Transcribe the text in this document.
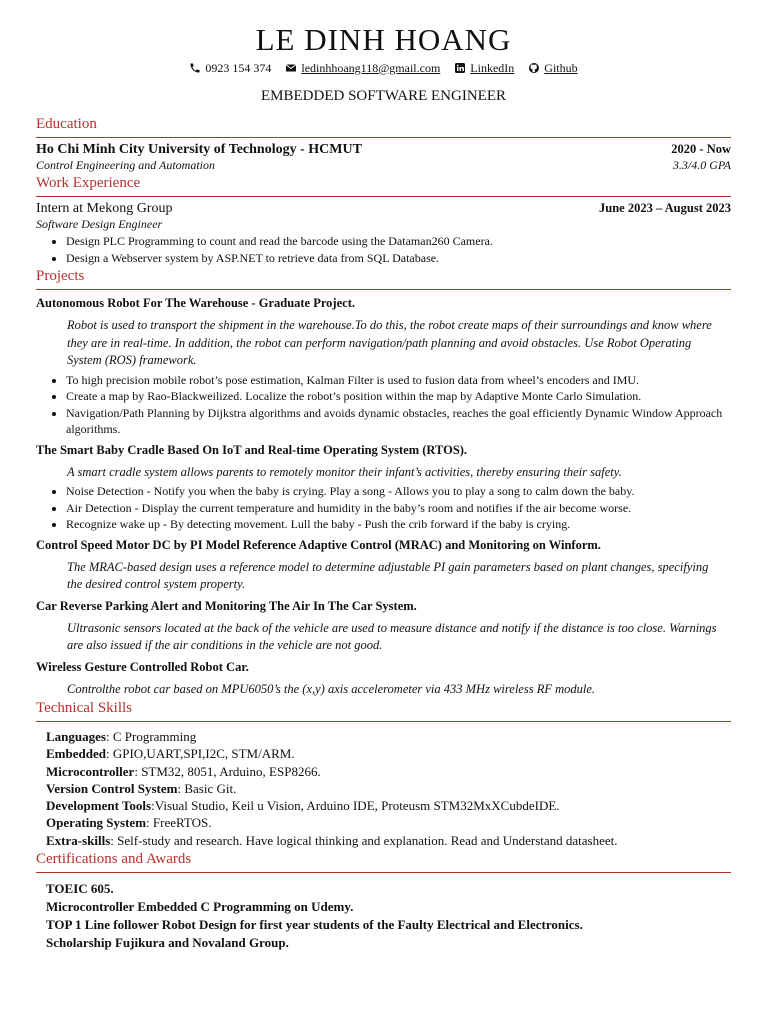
LE DINH HOANG
0923 154 374	ledinhhoang118@gmail.com	LinkedIn	Github
EMBEDDED SOFTWARE ENGINEER
Education
Ho Chi Minh City University of Technology - HCMUT	2020 - Now
Control Engineering and Automation	3.3/4.0 GPA
Work Experience
Intern at Mekong Group	June 2023 – August 2023
Software Design Engineer
• Design PLC Programming to count and read the barcode using the Dataman260 Camera.
• Design a Webserver system by ASP.NET to retrieve data from SQL Database.
Projects
Autonomous Robot For The Warehouse - Graduate Project.
Robot is used to transport the shipment in the warehouse.To do this, the robot create maps of their surroundings and know where they are in real-time. In addition, the robot can perform navigation/path planning and avoid obstacles. Use Robot Operating System (ROS) framework.
• To high precision mobile robot’s pose estimation, Kalman Filter is used to fusion data from wheel’s encoders and IMU.
• Create a map by Rao-Blackweilized. Localize the robot’s position within the map by Adaptive Monte Carlo Simulation.
• Navigation/Path Planning by Dijkstra algorithms and avoids dynamic obstacles, reaches the goal efficiently Dynamic Window Approach algorithms.
The Smart Baby Cradle Based On IoT and Real-time Operating System (RTOS).
A smart cradle system allows parents to remotely monitor their infant’s activities, thereby ensuring their safety.
• Noise Detection - Notify you when the baby is crying. Play a song - Allows you to play a song to calm down the baby.
• Air Detection - Display the current temperature and humidity in the baby’s room and notifies if the air become worse.
• Recognize wake up - By detecting movement. Lull the baby - Push the crib forward if the baby is crying.
Control Speed Motor DC by PI Model Reference Adaptive Control (MRAC) and Monitoring on Winform.
The MRAC-based design uses a reference model to determine adjustable PI gain parameters based on plant changes, specifying the desired control system property.
Car Reverse Parking Alert and Monitoring The Air In The Car System.
Ultrasonic sensors located at the back of the vehicle are used to measure distance and notify if the distance is too close. Warnings are also issued if the air conditions in the vehicle are not good.
Wireless Gesture Controlled Robot Car.
Controlthe robot car based on MPU6050’s the (x,y) axis accelerometer via 433 MHz wireless RF module.
Technical Skills
Languages: C Programming
Embedded: GPIO,UART,SPI,I2C, STM/ARM.
Microcontroller: STM32, 8051, Arduino, ESP8266.
Version Control System: Basic Git.
Development Tools:Visual Studio, Keil u Vision, Arduino IDE, Proteusm STM32MxXCubdeIDE.
Operating System: FreeRTOS.
Extra-skills: Self-study and research. Have logical thinking and explanation. Read and Understand datasheet.
Certifications and Awards
TOEIC 605.
Microcontroller Embedded C Programming on Udemy.
TOP 1 Line follower Robot Design for first year students of the Faulty Electrical and Electronics.
Scholarship Fujikura and Novaland Group.
